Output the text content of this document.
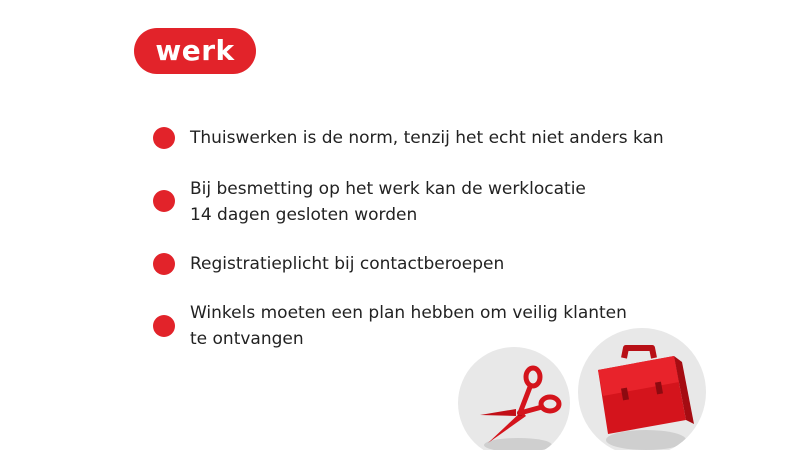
werk

Thuiswerken is de norm, tenzij het echt niet anders kan

Bij besmetting op het werk kan de werklocatie
14 dagen gesloten worden

Registratieplicht bij contactberoepen

Winkels moeten een plan hebben om veilig klanten
te ontvangen
